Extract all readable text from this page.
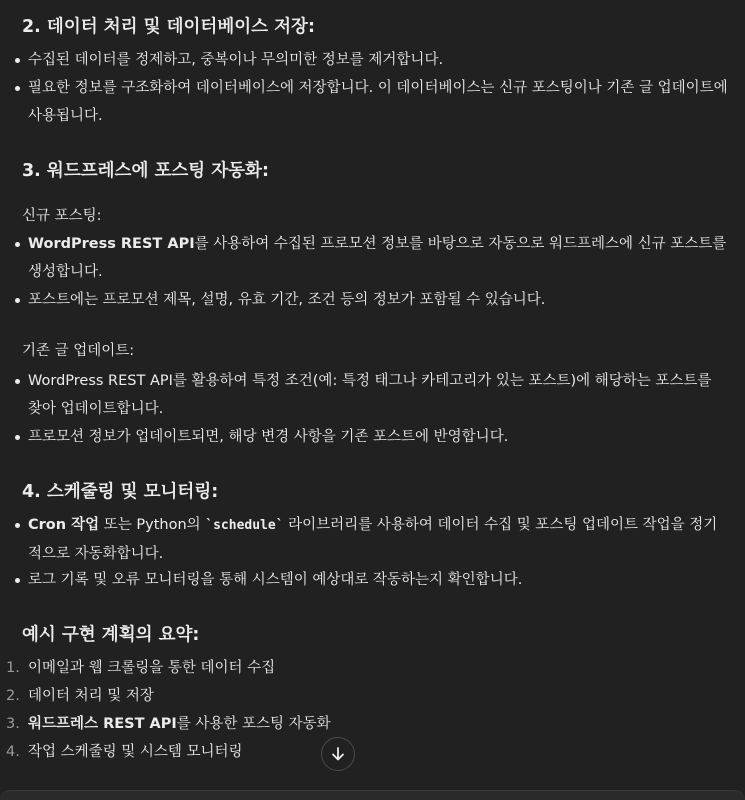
2. 데이터 처리 및 데이터베이스 저장:
수집된 데이터를 정제하고, 중복이나 무의미한 정보를 제거합니다.
필요한 정보를 구조화하여 데이터베이스에 저장합니다. 이 데이터베이스는 신규 포스팅이나 기존 글 업데이트에 사용됩니다.
3. 워드프레스에 포스팅 자동화:

신규 포스팅:

WordPress REST API를 사용하여 수집된 프로모션 정보를 바탕으로 자동으로 워드프레스에 신규 포스트를 생성합니다.
포스트에는 프로모션 제목, 설명, 유효 기간, 조건 등의 정보가 포함될 수 있습니다.

기존 글 업데이트:

WordPress REST API를 활용하여 특정 조건(예: 특정 태그나 카테고리가 있는 포스트)에 해당하는 포스트를 찾아 업데이트합니다.
프로모션 정보가 업데이트되면, 해당 변경 사항을 기존 포스트에 반영합니다.
4. 스케줄링 및 모니터링:
Cron 작업 또는 Python의 `schedule` 라이브러리를 사용하여 데이터 수집 및 포스팅 업데이트 작업을 정기적으로 자동화합니다.
로그 기록 및 오류 모니터링을 통해 시스템이 예상대로 작동하는지 확인합니다.
예시 구현 계획의 요약:
1. 이메일과 웹 크롤링을 통한 데이터 수집
2. 데이터 처리 및 저장
3. 워드프레스 REST API를 사용한 포스팅 자동화
4. 작업 스케줄링 및 시스템 모니터링
